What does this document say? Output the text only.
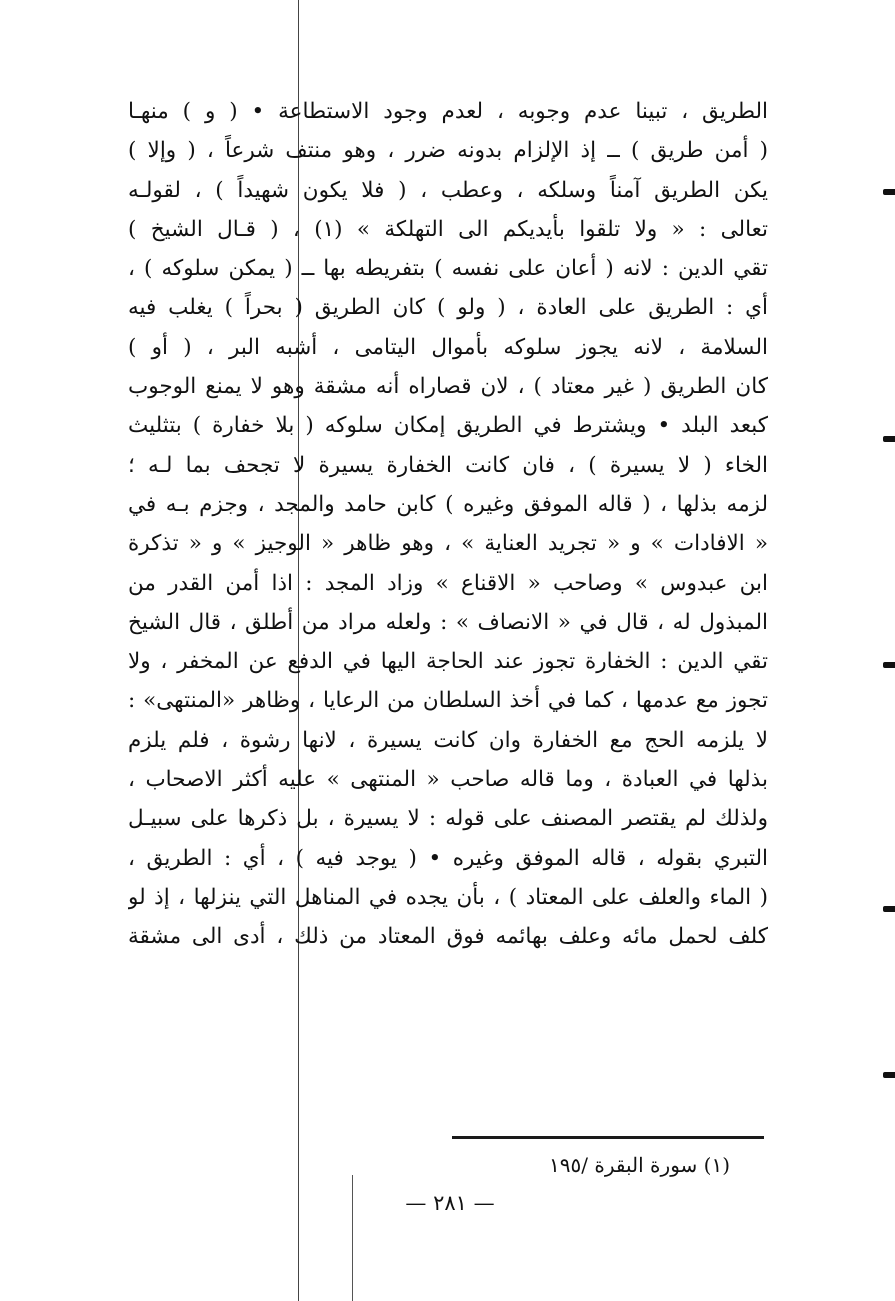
الطريق ، تبينا عدم وجوبه ، لعدم وجود الاستطاعة • ( و ) منهـا
( أمن طريق ) ــ إذ الإلزام بدونه ضرر ، وهو منتف شرعاً ، ( وإلا )
يكن الطريق آمناً وسلكه ، وعطب ، ( فلا يكون شهيداً ) ، لقولـه
تعالى : « ولا تلقوا بأيديكم الى التهلكة » (١) ، ( قـال الشيخ )
تقي الدين : لانه ( أعان على نفسه ) بتفريطه بها ــ ( يمكن سلوكه ) ،
أي : الطريق على العادة ، ( ولو ) كان الطريق ( بحراً ) يغلب فيه
السلامة ، لانه يجوز سلوكه بأموال اليتامى ، أشبه البر ، ( أو )
كان الطريق ( غير معتاد ) ، لان قصاراه أنه مشقة وهو لا يمنع الوجوب
كبعد البلد • ويشترط في الطريق إمكان سلوكه ( بلا خفارة ) بتثليث
الخاء ( لا يسيرة ) ، فان كانت الخفارة يسيرة لا تجحف بما لـه ؛
لزمه بذلها ، ( قاله الموفق وغيره ) كابن حامد والمجد ، وجزم بـه في
« الافادات » و « تجريد العناية » ، وهو ظاهر « الوجيز » و « تذكرة
ابن عبدوس » وصاحب « الاقناع » وزاد المجد : اذا أمن القدر من
المبذول له ، قال في « الانصاف » : ولعله مراد من أطلق ، قال الشيخ
تقي الدين : الخفارة تجوز عند الحاجة اليها في الدفع عن المخفر ، ولا
تجوز مع عدمها ، كما في أخذ السلطان من الرعايا ، وظاهر «المنتهى» :
لا يلزمه الحج مع الخفارة وان كانت يسيرة ، لانها رشوة ، فلم يلزم
بذلها في العبادة ، وما قاله صاحب « المنتهى » عليه أكثر الاصحاب ،
ولذلك لم يقتصر المصنف على قوله : لا يسيرة ، بل ذكرها على سبيـل
التبري بقوله ، قاله الموفق وغيره • ( يوجد فيه ) ، أي : الطريق ،
( الماء والعلف على المعتاد ) ، بأن يجده في المناهل التي ينزلها ، إذ لو
كلف لحمل مائه وعلف بهائمه فوق المعتاد من ذلك ، أدى الى مشقة
(١) سورة البقرة /١٩٥
— ٢٨١ —
